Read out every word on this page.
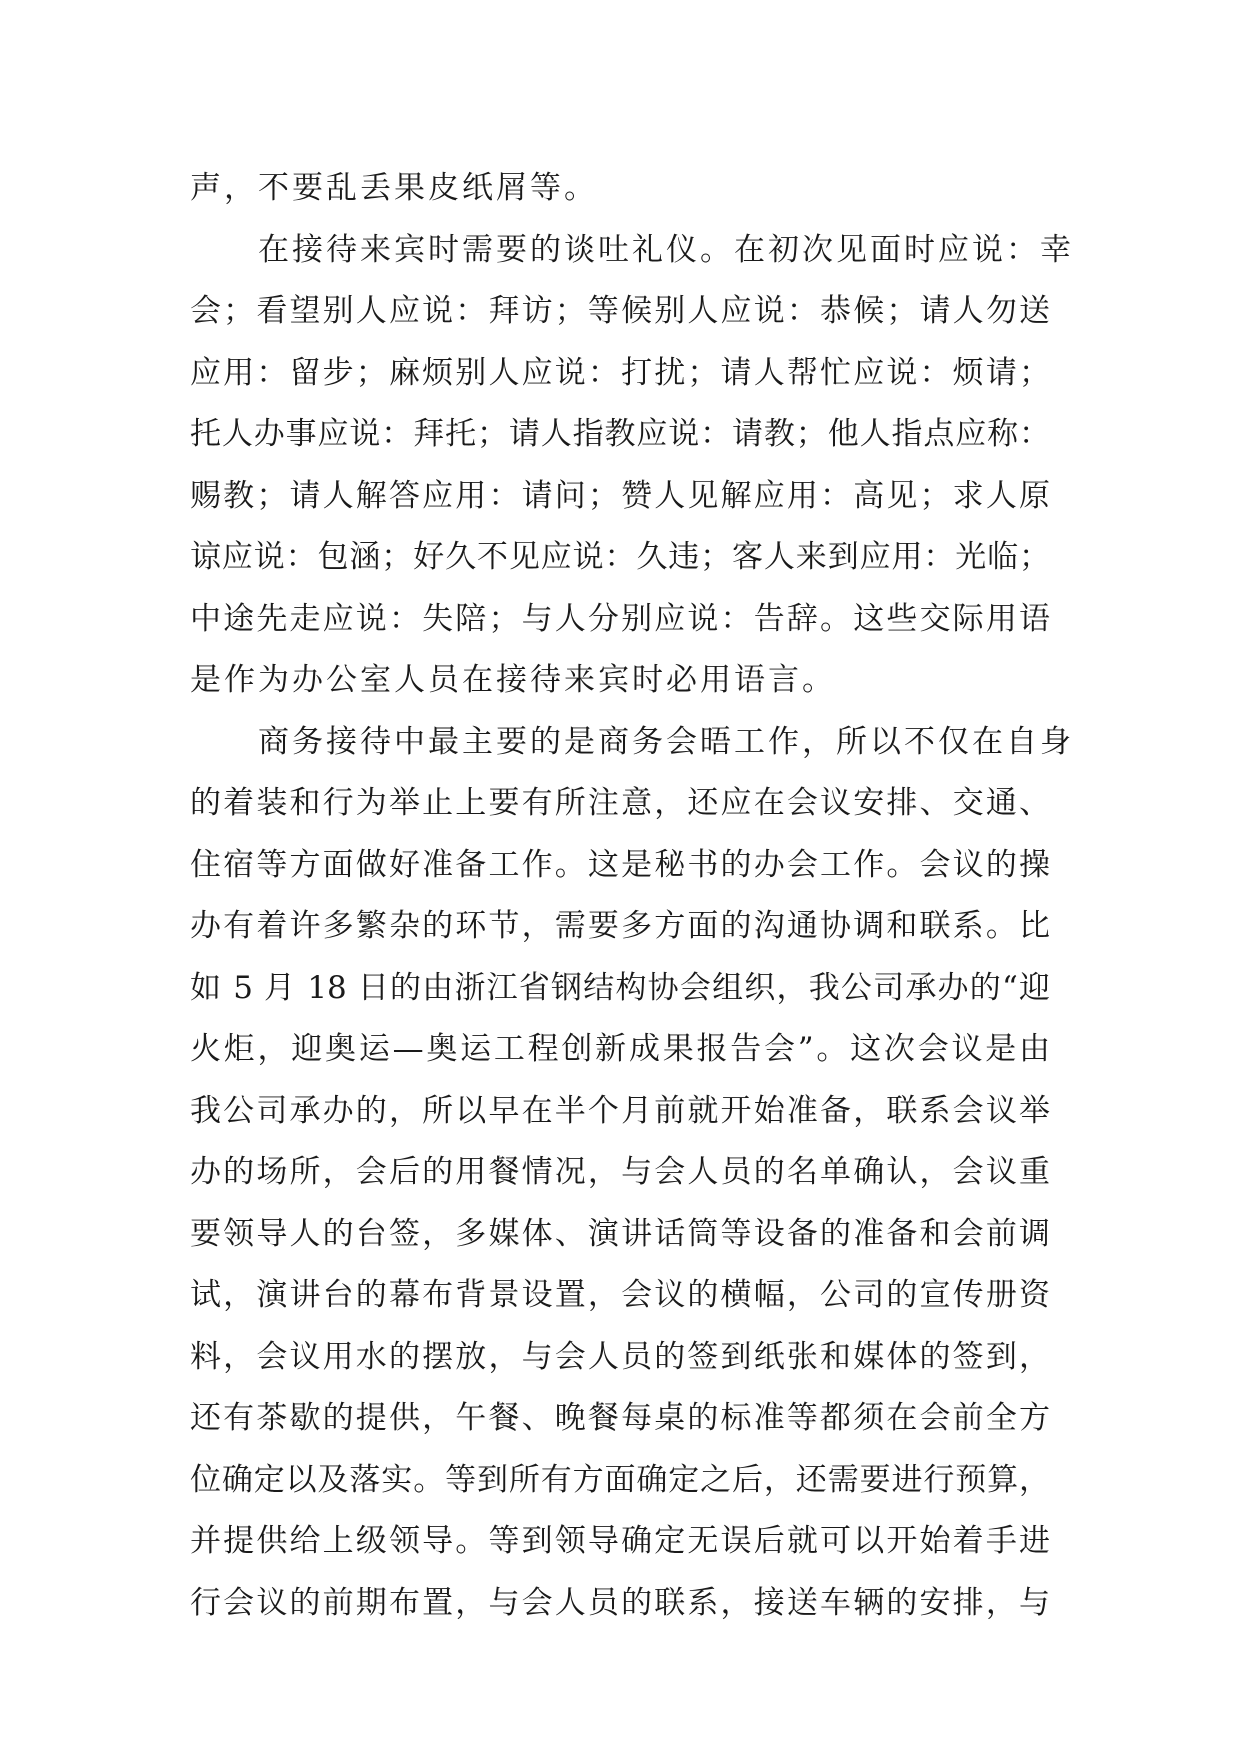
声，不要乱丢果皮纸屑等。
在接待来宾时需要的谈吐礼仪。在初次见面时应说：幸
会；看望别人应说：拜访；等候别人应说：恭候；请人勿送
应用：留步；麻烦别人应说：打扰；请人帮忙应说：烦请；
托人办事应说：拜托；请人指教应说：请教；他人指点应称：
赐教；请人解答应用：请问；赞人见解应用：高见；求人原
谅应说：包涵；好久不见应说：久违；客人来到应用：光临；
中途先走应说：失陪；与人分别应说：告辞。这些交际用语
是作为办公室人员在接待来宾时必用语言。
商务接待中最主要的是商务会晤工作，所以不仅在自身
的着装和行为举止上要有所注意，还应在会议安排、交通、
住宿等方面做好准备工作。这是秘书的办会工作。会议的操
办有着许多繁杂的环节，需要多方面的沟通协调和联系。比
如 5 月 18 日的由浙江省钢结构协会组织，我公司承办的“迎
火炬，迎奥运—奥运工程创新成果报告会”。这次会议是由
我公司承办的，所以早在半个月前就开始准备，联系会议举
办的场所，会后的用餐情况，与会人员的名单确认，会议重
要领导人的台签，多媒体、演讲话筒等设备的准备和会前调
试，演讲台的幕布背景设置，会议的横幅，公司的宣传册资
料，会议用水的摆放，与会人员的签到纸张和媒体的签到，
还有茶歇的提供，午餐、晚餐每桌的标准等都须在会前全方
位确定以及落实。等到所有方面确定之后，还需要进行预算，
并提供给上级领导。等到领导确定无误后就可以开始着手进
行会议的前期布置，与会人员的联系，接送车辆的安排，与
